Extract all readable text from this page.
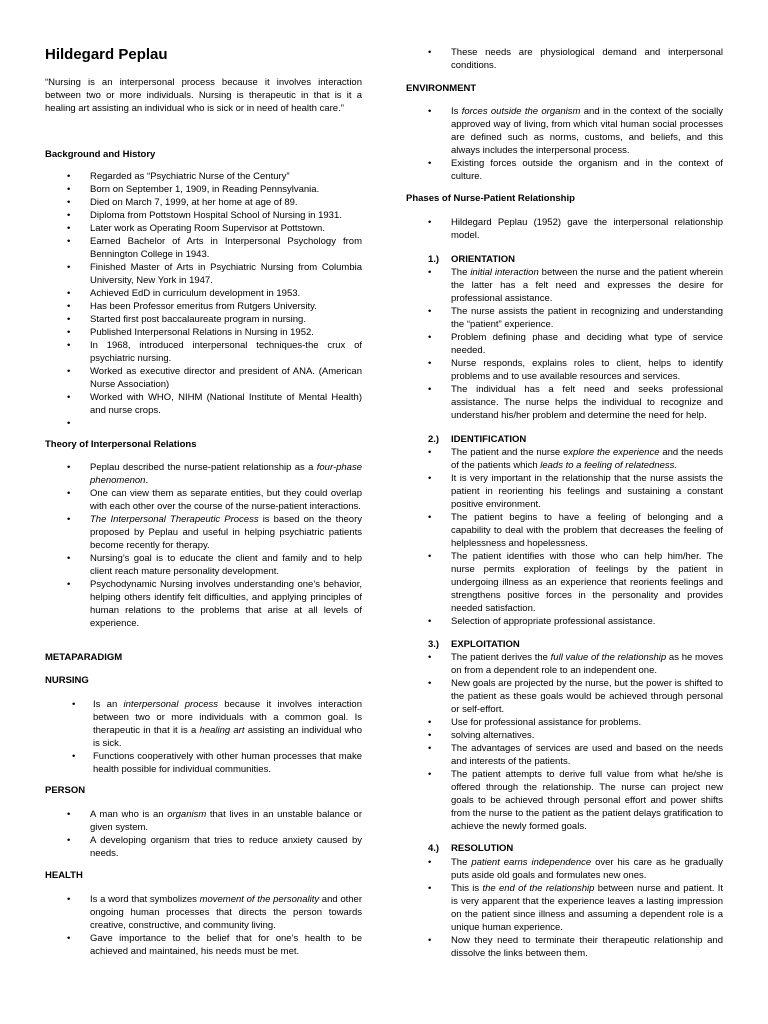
Hildegard Peplau

“Nursing is an interpersonal process because it involves interaction between two or more individuals. Nursing is therapeutic in that is it a healing art assisting an individual who is sick or in need of health care.”

Background and History
• Regarded as “Psychiatric Nurse of the Century”
• Born on September 1, 1909, in Reading Pennsylvania.
• Died on March 7, 1999, at her home at age of 89.
• Diploma from Pottstown Hospital School of Nursing in 1931.
• Later work as Operating Room Supervisor at Pottstown.
• Earned Bachelor of Arts in Interpersonal Psychology from Bennington College in 1943.
• Finished Master of Arts in Psychiatric Nursing from Columbia University, New York in 1947.
• Achieved EdD in curriculum development in 1953.
• Has been Professor emeritus from Rutgers University.
• Started first post baccalaureate program in nursing.
• Published Interpersonal Relations in Nursing in 1952.
• In 1968, introduced interpersonal techniques-the crux of psychiatric nursing.
• Worked as executive director and president of ANA. (American Nurse Association)
• Worked with WHO, NIHM (National Institute of Mental Health) and nurse crops.
•
Theory of Interpersonal Relations
• Peplau described the nurse-patient relationship as a four-phase phenomenon.
• One can view them as separate entities, but they could overlap with each other over the course of the nurse-patient interactions.
• The Interpersonal Therapeutic Process is based on the theory proposed by Peplau and useful in helping psychiatric patients become recently for therapy.
• Nursing’s goal is to educate the client and family and to help client reach mature personality development.
• Psychodynamic Nursing involves understanding one’s behavior, helping others identify felt difficulties, and applying principles of human relations to the problems that arise at all levels of experience.
METAPARADIGM
NURSING
• Is an interpersonal process because it involves interaction between two or more individuals with a common goal. Is therapeutic in that it is a healing art assisting an individual who is sick.
• Functions cooperatively with other human processes that make health possible for individual communities.
PERSON
• A man who is an organism that lives in an unstable balance or given system.
• A developing organism that tries to reduce anxiety caused by needs.
HEALTH
• Is a word that symbolizes movement of the personality and other ongoing human processes that directs the person towards creative, constructive, and community living.
• Gave importance to the belief that for one’s health to be achieved and maintained, his needs must be met.
• These needs are physiological demand and interpersonal conditions.
ENVIRONMENT
• Is forces outside the organism and in the context of the socially approved way of living, from which vital human social processes are defined such as norms, customs, and beliefs, and this always includes the interpersonal process.
• Existing forces outside the organism and in the context of culture.
Phases of Nurse-Patient Relationship
• Hildegard Peplau (1952) gave the interpersonal relationship model.
1.) ORIENTATION
• The initial interaction between the nurse and the patient wherein the latter has a felt need and expresses the desire for professional assistance.
• The nurse assists the patient in recognizing and understanding the “patient” experience.
• Problem defining phase and deciding what type of service needed.
• Nurse responds, explains roles to client, helps to identify problems and to use available resources and services.
• The individual has a felt need and seeks professional assistance. The nurse helps the individual to recognize and understand his/her problem and determine the need for help.
2.) IDENTIFICATION
• The patient and the nurse explore the experience and the needs of the patients which leads to a feeling of relatedness.
• It is very important in the relationship that the nurse assists the patient in reorienting his feelings and sustaining a constant positive environment.
• The patient begins to have a feeling of belonging and a capability to deal with the problem that decreases the feeling of helplessness and hopelessness.
• The patient identifies with those who can help him/her. The nurse permits exploration of feelings by the patient in undergoing illness as an experience that reorients feelings and strengthens positive forces in the personality and provides needed satisfaction.
• Selection of appropriate professional assistance.
3.) EXPLOITATION
• The patient derives the full value of the relationship as he moves on from a dependent role to an independent one.
• New goals are projected by the nurse, but the power is shifted to the patient as these goals would be achieved through personal or self-effort.
• Use for professional assistance for problems.
• solving alternatives.
• The advantages of services are used and based on the needs and interests of the patients.
• The patient attempts to derive full value from what he/she is offered through the relationship. The nurse can project new goals to be achieved through personal effort and power shifts from the nurse to the patient as the patient delays gratification to achieve the newly formed goals.
4.) RESOLUTION
• The patient earns independence over his care as he gradually puts aside old goals and formulates new ones.
• This is the end of the relationship between nurse and patient. It is very apparent that the experience leaves a lasting impression on the patient since illness and assuming a dependent role is a unique human experience.
• Now they need to terminate their therapeutic relationship and dissolve the links between them.
